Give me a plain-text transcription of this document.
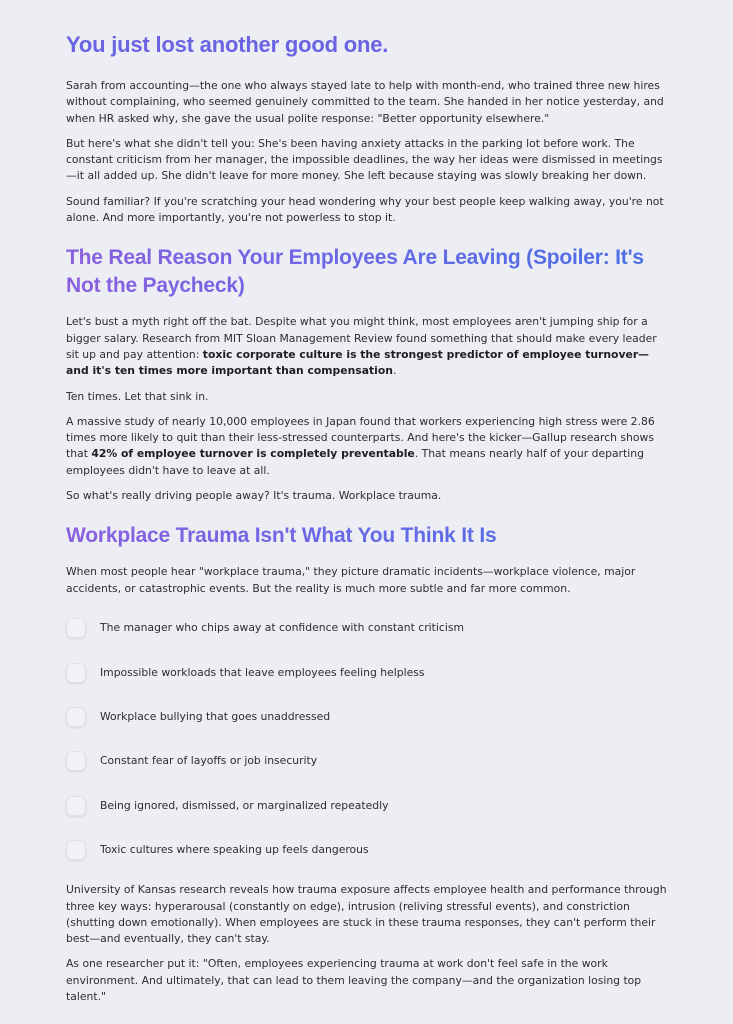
You just lost another good one.

Sarah from accounting—the one who always stayed late to help with month-end, who trained three new hires without complaining, who seemed genuinely committed to the team. She handed in her notice yesterday, and when HR asked why, she gave the usual polite response: "Better opportunity elsewhere."

But here's what she didn't tell you: She's been having anxiety attacks in the parking lot before work. The constant criticism from her manager, the impossible deadlines, the way her ideas were dismissed in meetings—it all added up. She didn't leave for more money. She left because staying was slowly breaking her down.

Sound familiar? If you're scratching your head wondering why your best people keep walking away, you're not alone. And more importantly, you're not powerless to stop it.

The Real Reason Your Employees Are Leaving (Spoiler: It's Not the Paycheck)

Let's bust a myth right off the bat. Despite what you might think, most employees aren't jumping ship for a bigger salary. Research from MIT Sloan Management Review found something that should make every leader sit up and pay attention: toxic corporate culture is the strongest predictor of employee turnover—and it's ten times more important than compensation.

Ten times. Let that sink in.

A massive study of nearly 10,000 employees in Japan found that workers experiencing high stress were 2.86 times more likely to quit than their less-stressed counterparts. And here's the kicker—Gallup research shows that 42% of employee turnover is completely preventable. That means nearly half of your departing employees didn't have to leave at all.

So what's really driving people away? It's trauma. Workplace trauma.

Workplace Trauma Isn't What You Think It Is

When most people hear "workplace trauma," they picture dramatic incidents—workplace violence, major accidents, or catastrophic events. But the reality is much more subtle and far more common.

The manager who chips away at confidence with constant criticism
Impossible workloads that leave employees feeling helpless
Workplace bullying that goes unaddressed
Constant fear of layoffs or job insecurity
Being ignored, dismissed, or marginalized repeatedly
Toxic cultures where speaking up feels dangerous

University of Kansas research reveals how trauma exposure affects employee health and performance through three key ways: hyperarousal (constantly on edge), intrusion (reliving stressful events), and constriction (shutting down emotionally). When employees are stuck in these trauma responses, they can't perform their best—and eventually, they can't stay.

As one researcher put it: "Often, employees experiencing trauma at work don't feel safe in the work environment. And ultimately, that can lead to them leaving the company—and the organization losing top talent."
